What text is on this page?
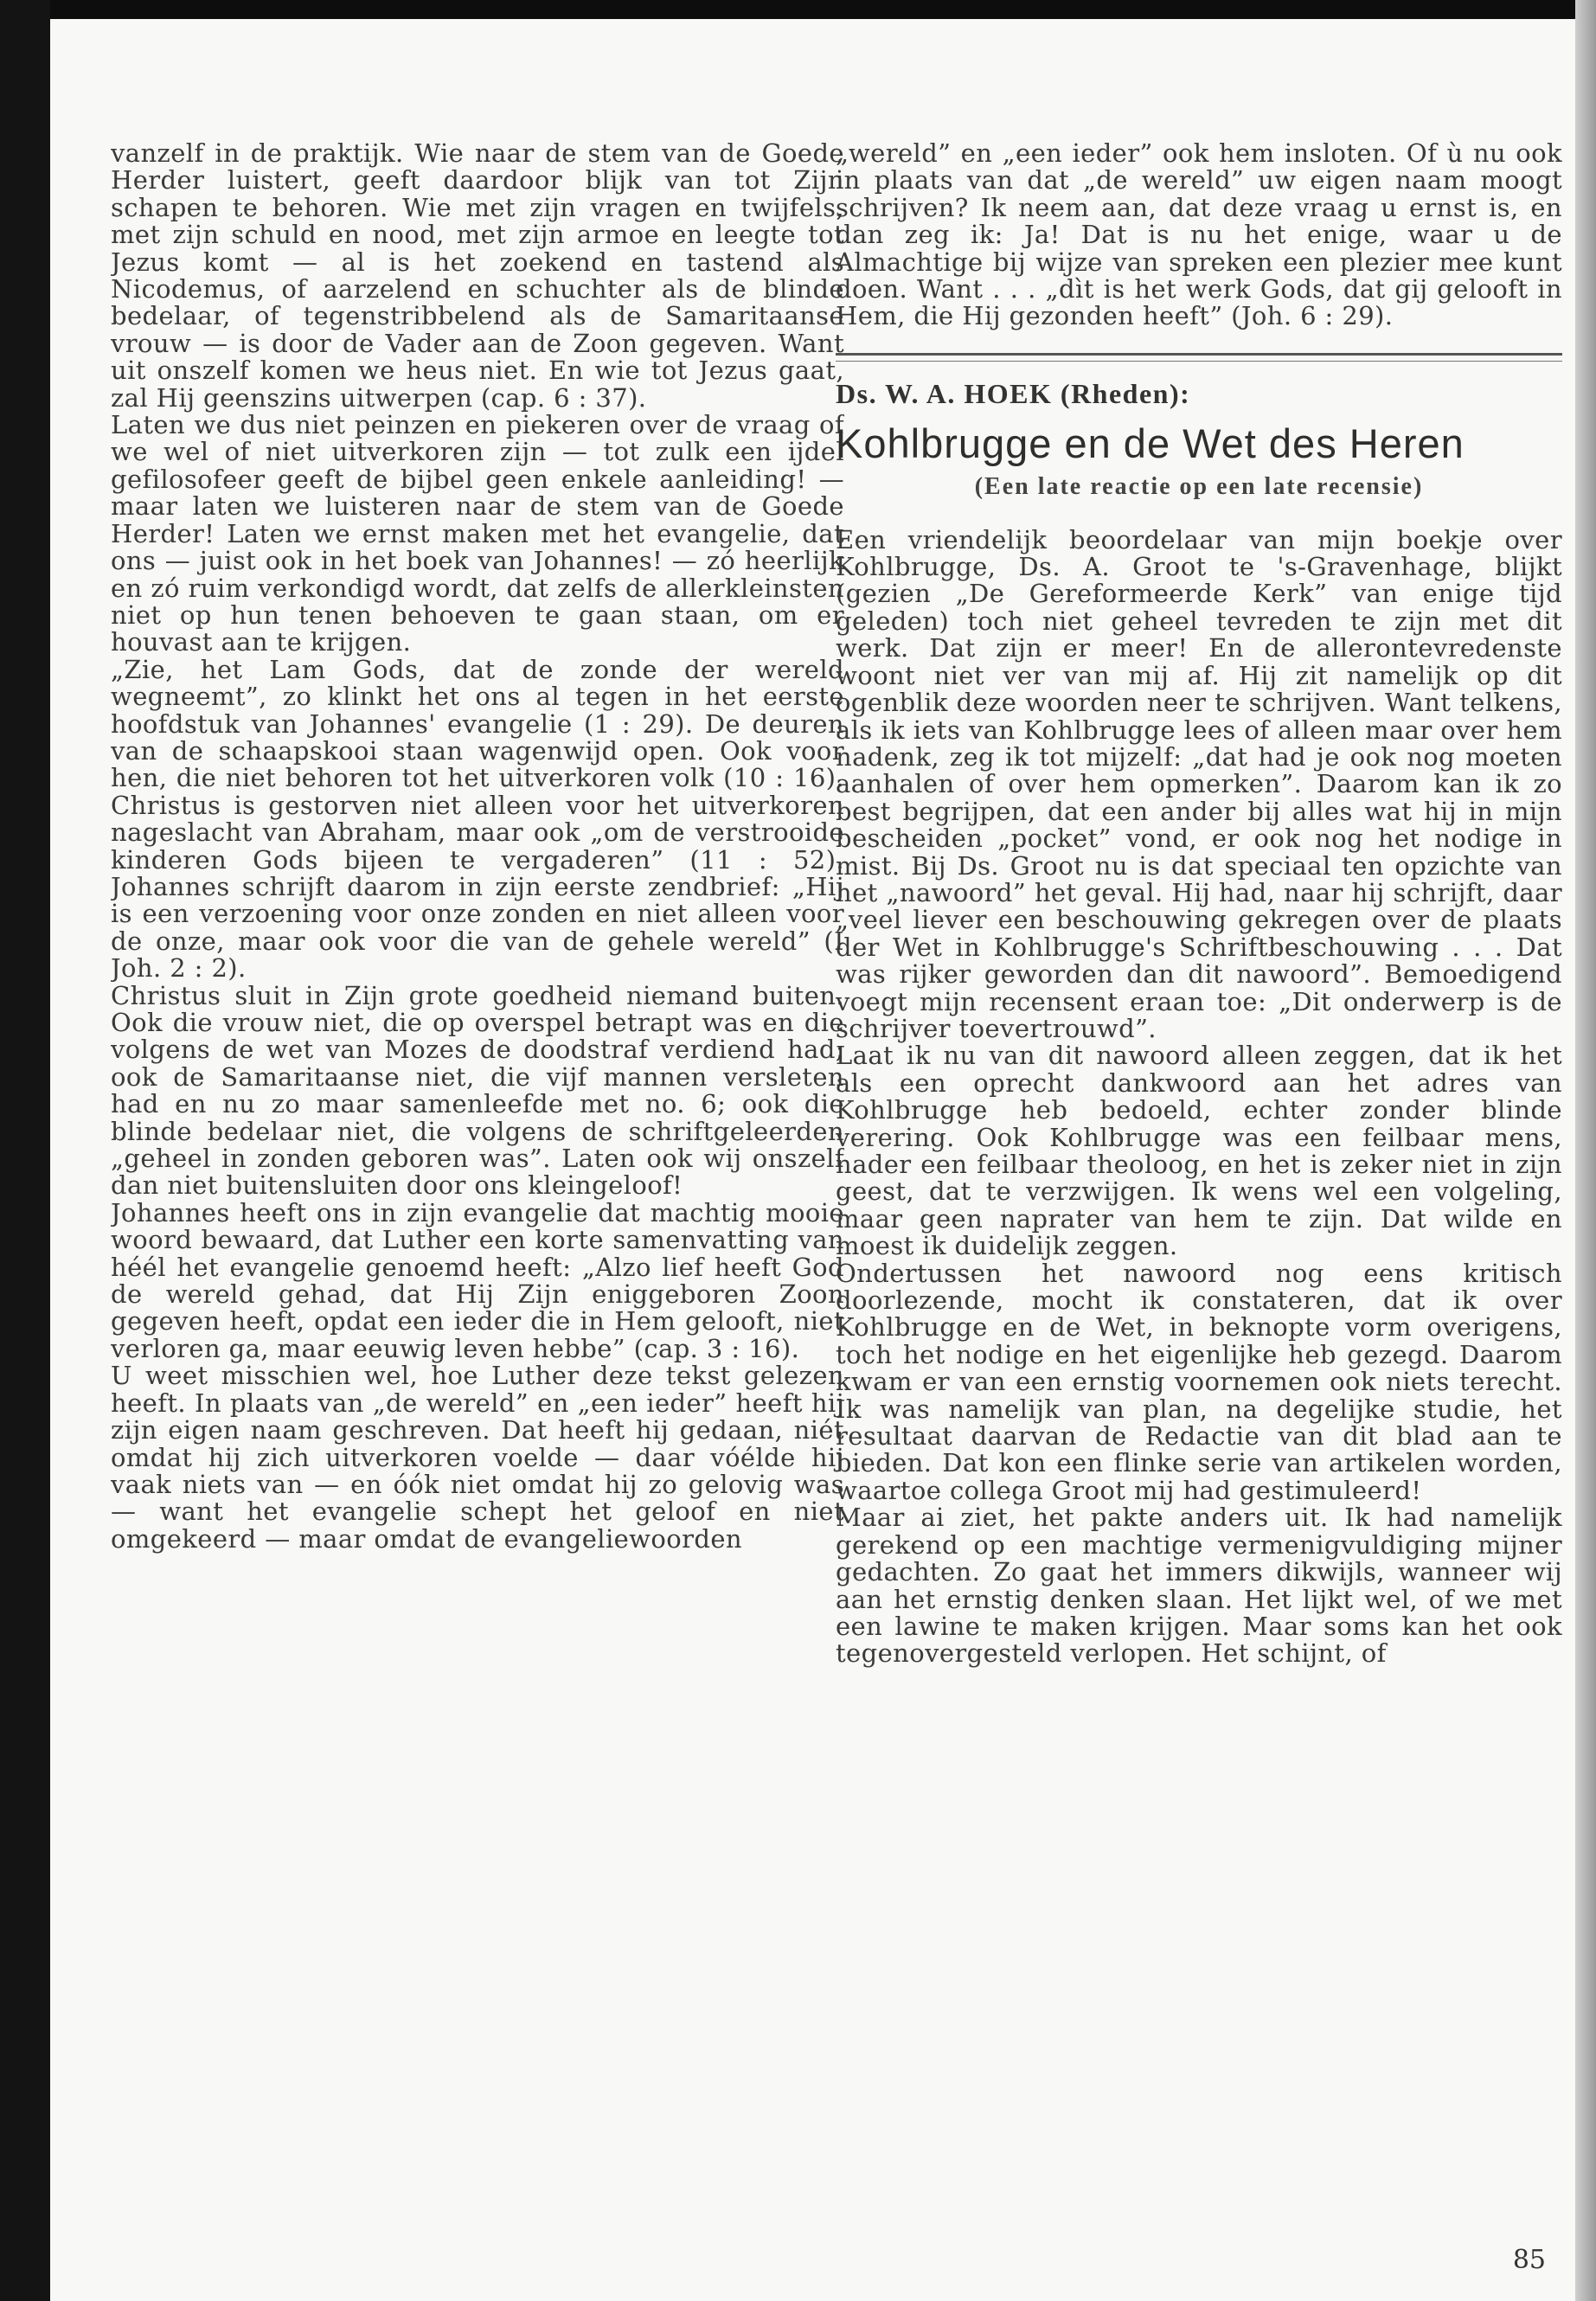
vanzelf in de praktijk. Wie naar de stem van de Goede Herder luistert, geeft daardoor blijk van tot Zijn schapen te behoren. Wie met zijn vragen en twijfels, met zijn schuld en nood, met zijn armoe en leegte tot Jezus komt — al is het zoekend en tastend als Nicodemus, of aarzelend en schuchter als de blinde bedelaar, of tegenstribbelend als de Samaritaanse vrouw — is door de Vader aan de Zoon gegeven. Want uit onszelf komen we heus niet. En wie tot Jezus gaat, zal Hij geenszins uitwerpen (cap. 6 : 37).

Laten we dus niet peinzen en piekeren over de vraag of we wel of niet uitverkoren zijn — tot zulk een ijdel gefilosofeer geeft de bijbel geen enkele aanleiding! — maar laten we luisteren naar de stem van de Goede Herder! Laten we ernst maken met het evangelie, dat ons — juist ook in het boek van Johannes! — zó heerlijk en zó ruim verkondigd wordt, dat zelfs de allerkleinsten niet op hun tenen behoeven te gaan staan, om er houvast aan te krijgen.

„Zie, het Lam Gods, dat de zonde der wereld wegneemt”, zo klinkt het ons al tegen in het eerste hoofdstuk van Johannes' evangelie (1 : 29). De deuren van de schaapskooi staan wagenwijd open. Ook voor hen, die niet behoren tot het uitverkoren volk (10 : 16). Christus is gestorven niet alleen voor het uitverkoren nageslacht van Abraham, maar ook „om de verstrooide kinderen Gods bijeen te vergaderen” (11 : 52). Johannes schrijft daarom in zijn eerste zendbrief: „Hij is een verzoening voor onze zonden en niet alleen voor de onze, maar ook voor die van de gehele wereld” (I Joh. 2 : 2).

Christus sluit in Zijn grote goedheid niemand buiten. Ook die vrouw niet, die op overspel betrapt was en die volgens de wet van Mozes de doodstraf verdiend had; ook de Samaritaanse niet, die vijf mannen versleten had en nu zo maar samenleefde met no. 6; ook die blinde bedelaar niet, die volgens de schriftgeleerden „geheel in zonden geboren was”. Laten ook wij onszelf dan niet buitensluiten door ons kleingeloof!

Johannes heeft ons in zijn evangelie dat machtig mooie woord bewaard, dat Luther een korte samenvatting van héél het evangelie genoemd heeft: „Alzo lief heeft God de wereld gehad, dat Hij Zijn eniggeboren Zoon gegeven heeft, opdat een ieder die in Hem gelooft, niet verloren ga, maar eeuwig leven hebbe” (cap. 3 : 16).

U weet misschien wel, hoe Luther deze tekst gelezen heeft. In plaats van „de wereld” en „een ieder” heeft hij zijn eigen naam geschreven. Dat heeft hij gedaan, niét omdat hij zich uitverkoren voelde — daar vóélde hij vaak niets van — en óók niet omdat hij zo gelovig was — want het evangelie schept het geloof en niet omgekeerd — maar omdat de evangeliewoorden

„wereld” en „een ieder” ook hem insloten. Of ù nu ook in plaats van dat „de wereld” uw eigen naam moogt schrijven? Ik neem aan, dat deze vraag u ernst is, en dan zeg ik: Ja! Dat is nu het enige, waar u de Almachtige bij wijze van spreken een plezier mee kunt doen. Want . . . „dìt is het werk Gods, dat gij gelooft in Hem, die Hij gezonden heeft” (Joh. 6 : 29).

Ds. W. A. HOEK (Rheden):
Kohlbrugge en de Wet des Heren
(Een late reactie op een late recensie)

Een vriendelijk beoordelaar van mijn boekje over Kohlbrugge, Ds. A. Groot te 's-Gravenhage, blijkt (gezien „De Gereformeerde Kerk” van enige tijd geleden) toch niet geheel tevreden te zijn met dit werk. Dat zijn er meer! En de allerontevredenste woont niet ver van mij af. Hij zit namelijk op dit ogenblik deze woorden neer te schrijven. Want telkens, als ik iets van Kohlbrugge lees of alleen maar over hem nadenk, zeg ik tot mijzelf: „dat had je ook nog moeten aanhalen of over hem opmerken”. Daarom kan ik zo best begrijpen, dat een ander bij alles wat hij in mijn bescheiden „pocket” vond, er ook nog het nodige in mist. Bij Ds. Groot nu is dat speciaal ten opzichte van het „nawoord” het geval. Hij had, naar hij schrijft, daar „veel liever een beschouwing gekregen over de plaats der Wet in Kohlbrugge's Schriftbeschouwing . . . Dat was rijker geworden dan dit nawoord”. Bemoedigend voegt mijn recensent eraan toe: „Dit onderwerp is de schrijver toevertrouwd”.

Laat ik nu van dit nawoord alleen zeggen, dat ik het als een oprecht dankwoord aan het adres van Kohlbrugge heb bedoeld, echter zonder blinde verering. Ook Kohlbrugge was een feilbaar mens, nader een feilbaar theoloog, en het is zeker niet in zijn geest, dat te verzwijgen. Ik wens wel een volgeling, maar geen naprater van hem te zijn. Dat wilde en moest ik duidelijk zeggen.

Ondertussen het nawoord nog eens kritisch doorlezende, mocht ik constateren, dat ik over Kohlbrugge en de Wet, in beknopte vorm overigens, toch het nodige en het eigenlijke heb gezegd. Daarom kwam er van een ernstig voornemen ook niets terecht. Ik was namelijk van plan, na degelijke studie, het resultaat daarvan de Redactie van dit blad aan te bieden. Dat kon een flinke serie van artikelen worden, waartoe collega Groot mij had gestimuleerd!

Maar ai ziet, het pakte anders uit. Ik had namelijk gerekend op een machtige vermenigvuldiging mijner gedachten. Zo gaat het immers dikwijls, wanneer wij aan het ernstig denken slaan. Het lijkt wel, of we met een lawine te maken krijgen. Maar soms kan het ook tegenovergesteld verlopen. Het schijnt, of

85
